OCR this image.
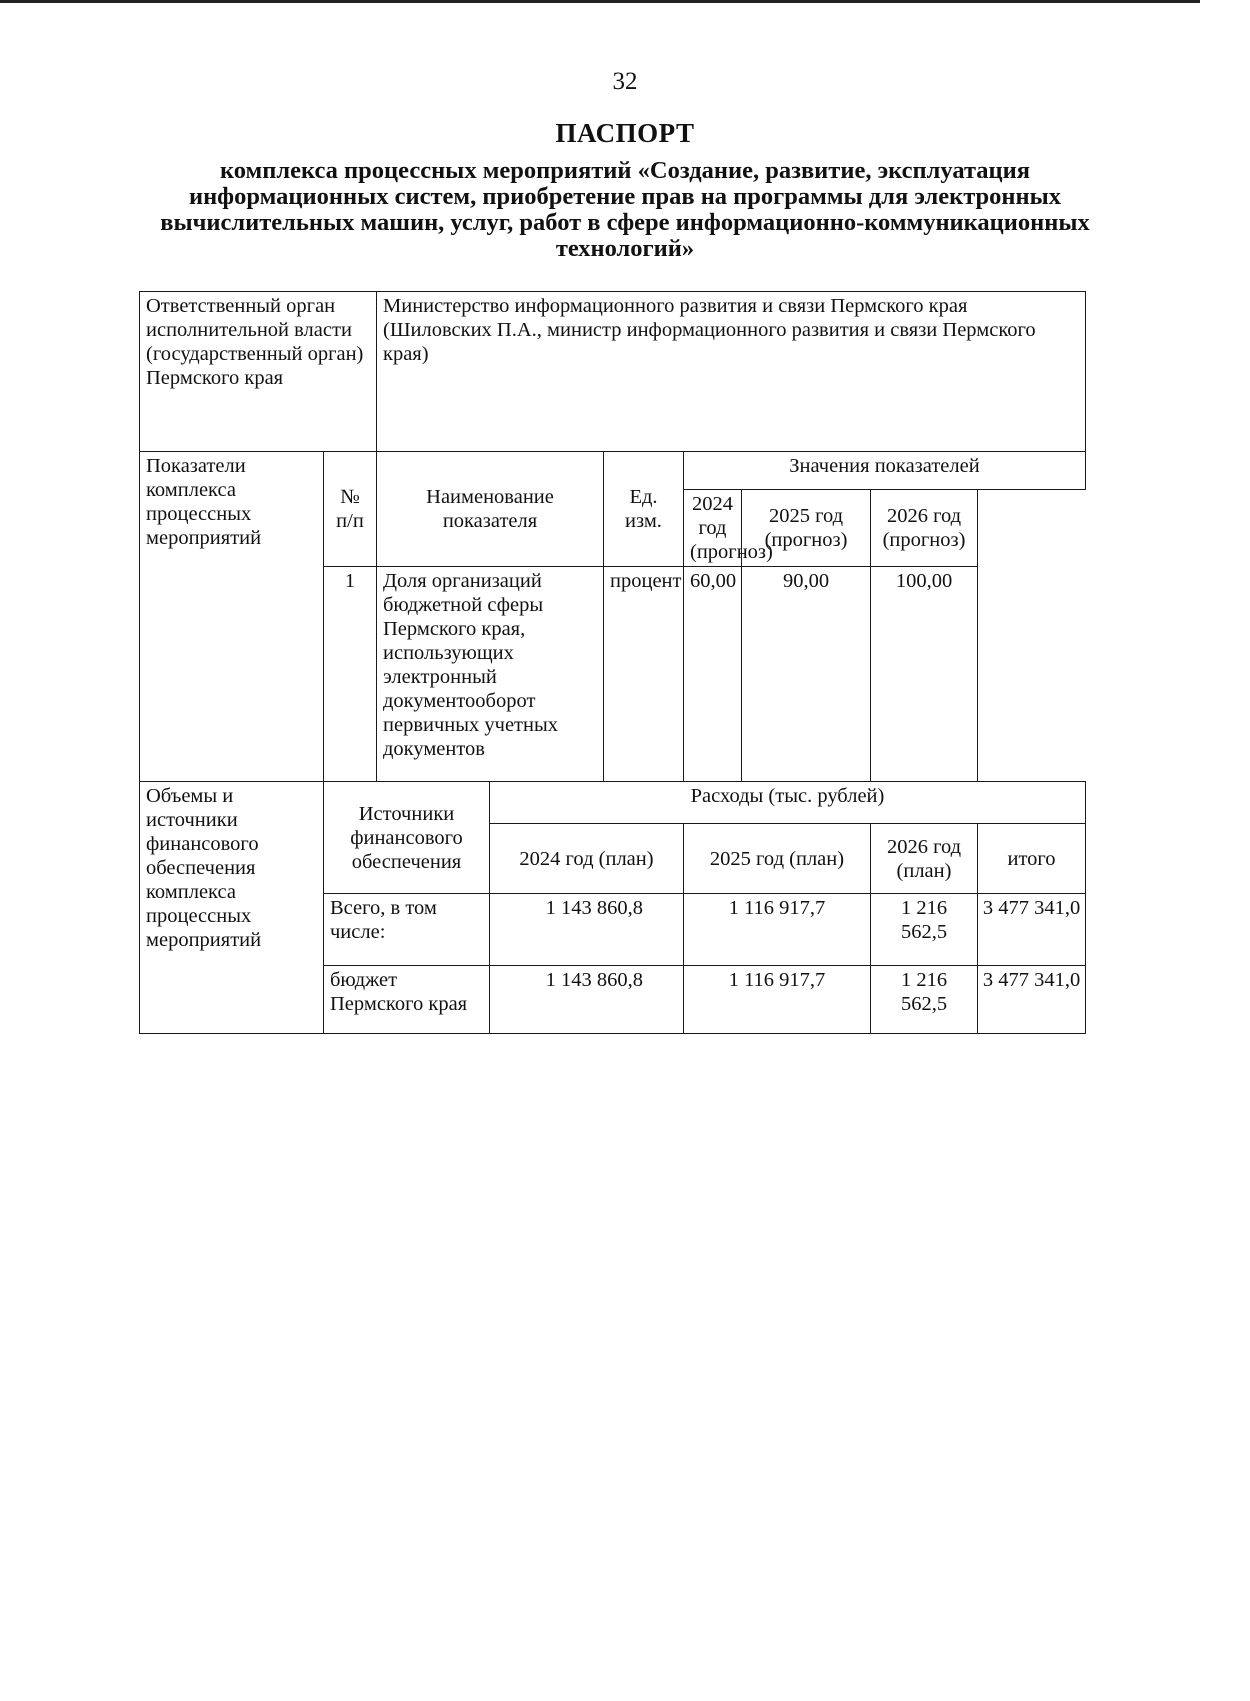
32
ПАСПОРТ
комплекса процессных мероприятий «Создание, развитие, эксплуатация информационных систем, приобретение прав на программы для электронных вычислительных машин, услуг, работ в сфере информационно-коммуникационных технологий»
Ответственный орган исполнительной власти (государственный орган) Пермского края		Министерство информационного развития и связи Пермского края (Шиловских П.А., министр информационного развития и связи Пермского края)						
Показатели комплекса процессных мероприятий	№ п/п	Наименование показателя		Ед. изм.	Значения показателей			
					2024 год (прогноз)	2025 год (прогноз)	2026 год (прогноз)	
	1	Доля организаций бюджетной сферы Пермского края, использующих электронный документооборот первичных учетных документов		процент	60,00	90,00	100,00	
Объемы и источники финансового обеспечения комплекса процессных мероприятий	Источники финансового обеспечения		Расходы (тыс. рублей)					
			2024 год (план)		2025 год (план)		2026 год (план)	итого
	Всего, в том числе:		1 143 860,8		1 116 917,7		1 216 562,5	3 477 341,0
	бюджет Пермского края		1 143 860,8		1 116 917,7		1 216 562,5	3 477 341,0
